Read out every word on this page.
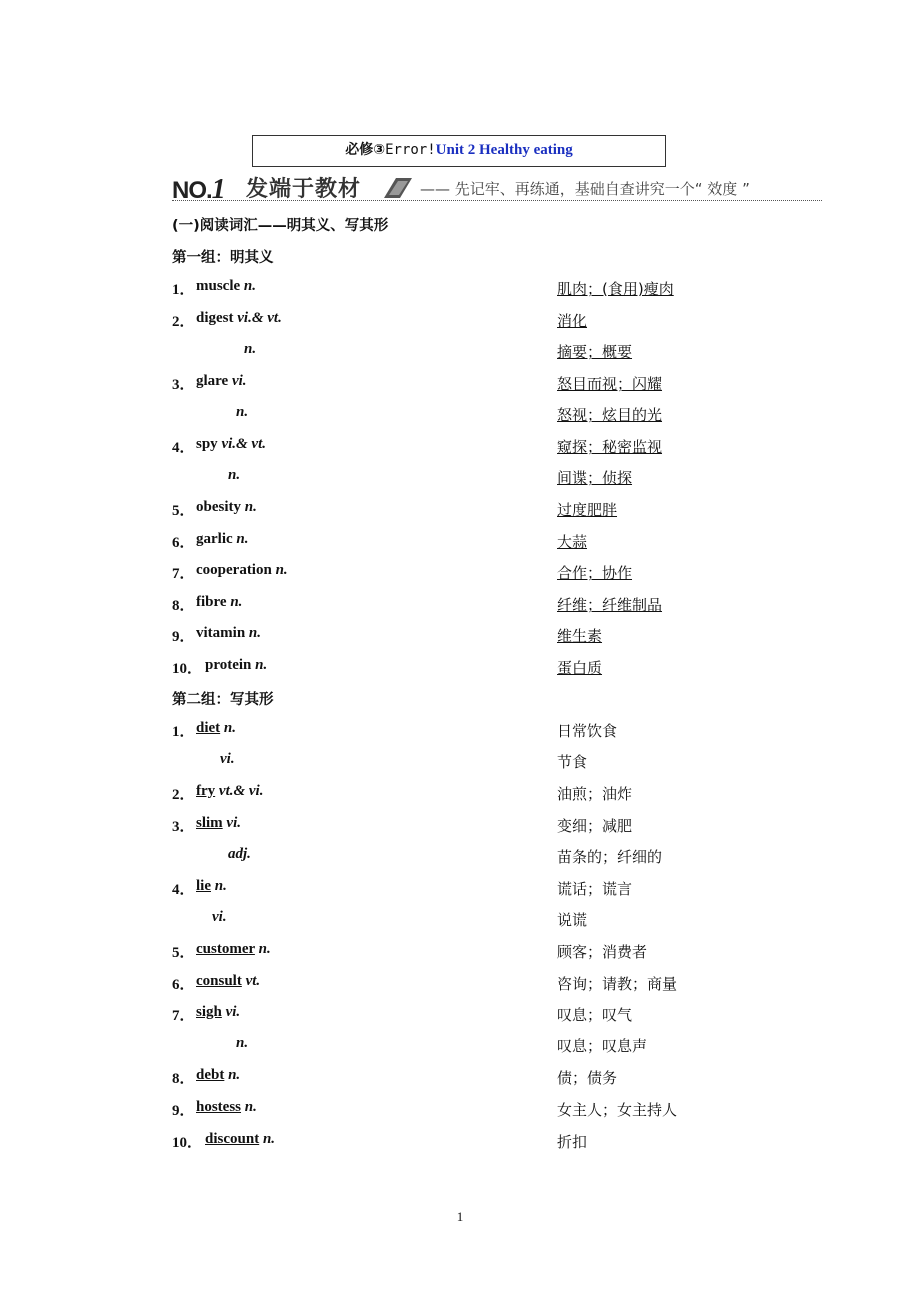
必修③Error!Unit 2 Healthy eating
NO.1 发端于教材	—— 先记牢、再练通，基础自查讲究一个“ 效度 ”
(一)阅读词汇——明其义、写其形
第一组：明其义
1． muscle n.	肌肉；(食用)瘦肉
2． digest vi.& vt.	消化
n.	摘要；概要
3． glare vi.	怒目而视；闪耀
n.	怒视；炫目的光
4． spy vi.& vt.	窥探；秘密监视
n.	间谍；侦探
5． obesity n.	过度肥胖
6． garlic n.	大蒜
7． cooperation n.	合作；协作
8． fibre n.	纤维；纤维制品
9． vitamin n.	维生素
10． protein n.	蛋白质
第二组：写其形
1． diet n.	日常饮食
vi.	节食
2． fry vt.& vi.	油煎；油炸
3． slim vi.	变细；减肥
adj.	苗条的；纤细的
4． lie n.	谎话；谎言
vi.	说谎
5． customer n.	顾客；消费者
6． consult vt.	咨询；请教；商量
7． sigh vi.	叹息；叹气
n.	叹息；叹息声
8． debt n.	债；债务
9． hostess n.	女主人；女主持人
10． discount n.	折扣
1
